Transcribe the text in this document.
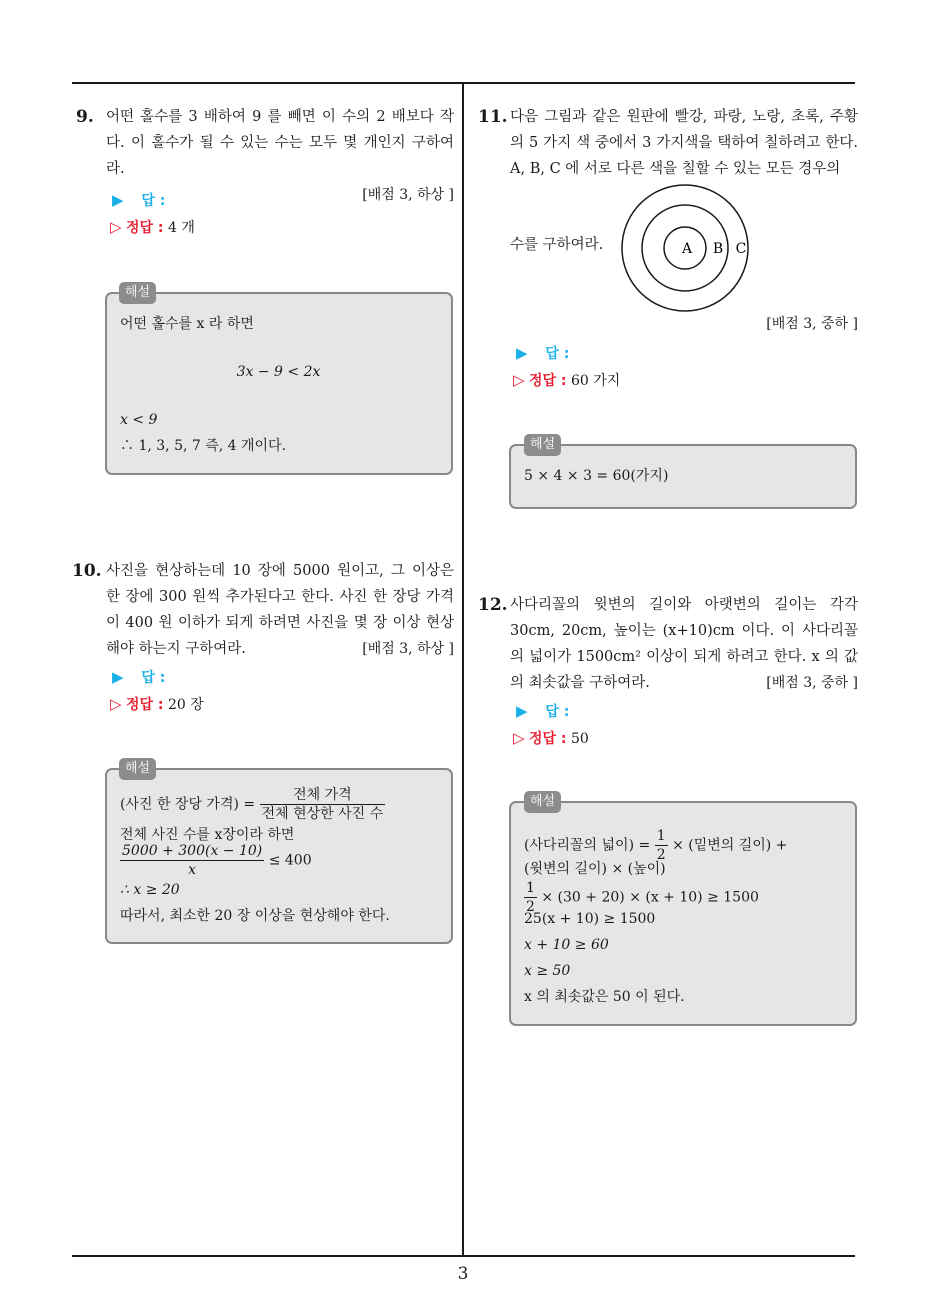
3
9. 어떤 홀수를 3 배하여 9 를 빼면 이 수의 2 배보다 작다. 이 홀수가 될 수 있는 수는 모두 몇 개인지 구하여라.
[배점 3, 하상 ]
▶ 답 :
▷ 정답 : 4 개
해설
어떤 홀수를 x 라 하면
3x − 9 < 2x
x < 9
∴ 1, 3, 5, 7 즉, 4 개이다.
10. 사진을 현상하는데 10 장에 5000 원이고, 그 이상은 한 장에 300 원씩 추가된다고 한다. 사진 한 장당 가격이 400 원 이하가 되게 하려면 사진을 몇 장 이상 현상해야 하는지 구하여라.	[배점 3, 하상 ]
▶ 답 :
▷ 정답 : 20 장
해설
(사진 한 장당 가격) = $\frac{\text{전체 가격}}{\text{전체 현상한 사진 수}}$
전체 사진 수를 x장이라 하면
$\frac{5000 + 300(x - 10)}{x} \le 400$
∴ x ≥ 20
따라서, 최소한 20 장 이상을 현상해야 한다.
11. 다음 그림과 같은 원판에 빨강, 파랑, 노랑, 초록, 주황의 5 가지 색 중에서 3 가지색을 택하여 칠하려고 한다. A, B, C 에 서로 다른 색을 칠할 수 있는 모든 경우의
수를 구하여라.	A B C
[배점 3, 중하 ]
▶ 답 :
▷ 정답 : 60 가지
해설
5 × 4 × 3 = 60(가지)
12. 사다리꼴의 윗변의 길이와 아랫변의 길이는 각각 30cm, 20cm, 높이는 (x+10)cm 이다. 이 사다리꼴의 넓이가 1500cm² 이상이 되게 하려고 한다. x 의 값의 최솟값을 구하여라.	[배점 3, 중하 ]
▶ 답 :
▷ 정답 : 50
해설
(사다리꼴의 넓이) = $\frac{1}{2}$ × (밑변의 길이) +
(윗변의 길이) × (높이)
$\frac{1}{2} \times (30 + 20) \times (x + 10) \ge 1500$
25(x + 10) ≥ 1500
x + 10 ≥ 60
x ≥ 50
x 의 최솟값은 50 이 된다.
